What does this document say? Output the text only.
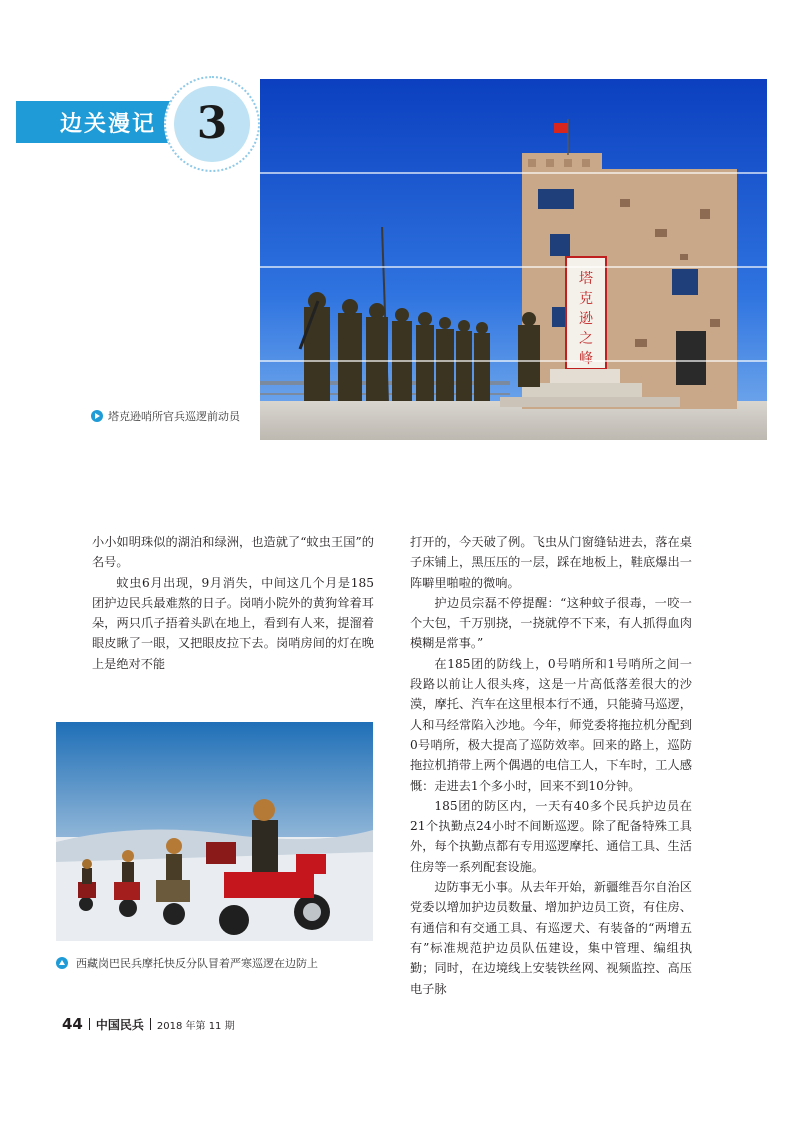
边关漫记 3
塔
克
逊
之
峰
塔克逊哨所官兵巡逻前动员

小小如明珠似的湖泊和绿洲，也造就了“蚊虫王国”的名号。

蚊虫6月出现，9月消失，中间这几个月是185团护边民兵最难熬的日子。岗哨小院外的黄狗耸着耳朵，两只爪子捂着头趴在地上，看到有人来，提溜着眼皮瞅了一眼，又把眼皮拉下去。岗哨房间的灯在晚上是绝对不能

打开的，今天破了例。飞虫从门窗缝钻进去，落在桌子床铺上，黑压压的一层，踩在地板上，鞋底爆出一阵噼里啪啦的微响。

护边员宗磊不停提醒：“这种蚊子很毒，一咬一个大包，千万别挠，一挠就停不下来，有人抓得血肉模糊是常事。”

在185团的防线上，0号哨所和1号哨所之间一段路以前让人很头疼，这是一片高低落差很大的沙漠，摩托、汽车在这里根本行不通，只能骑马巡逻，人和马经常陷入沙地。今年，师党委将拖拉机分配到0号哨所，极大提高了巡防效率。回来的路上，巡防拖拉机捎带上两个偶遇的电信工人，下车时，工人感慨：走进去1个多小时，回来不到10分钟。

185团的防区内，一天有40多个民兵护边员在21个执勤点24小时不间断巡逻。除了配备特殊工具外，每个执勤点都有专用巡逻摩托、通信工具、生活住房等一系列配套设施。

边防事无小事。从去年开始，新疆维吾尔自治区党委以增加护边员数量、增加护边员工资，有住房、有通信和有交通工具、有巡逻犬、有装备的“两增五有”标准规范护边员队伍建设，集中管理、编组执勤；同时，在边境线上安装铁丝网、视频监控、高压电子脉

西藏岗巴民兵摩托快反分队冒着严寒巡逻在边防上
44 中国民兵 2018 年第 11 期
